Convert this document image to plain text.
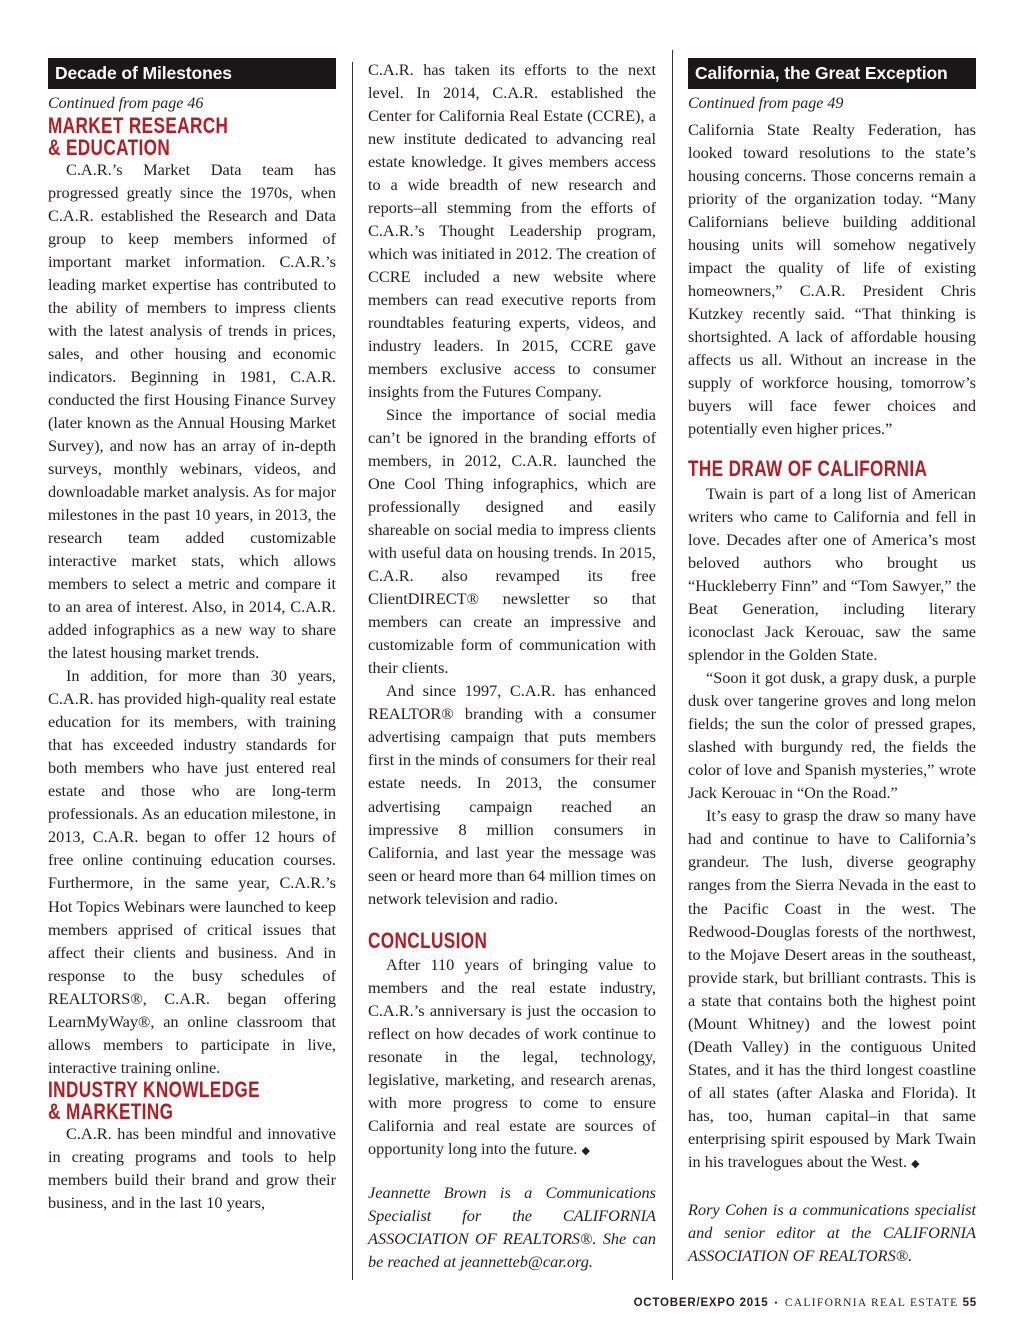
Decade of Milestones
Continued from page 46
MARKET RESEARCH
& EDUCATION

C.A.R.’s Market Data team has progressed greatly since the 1970s, when C.A.R. established the Research and Data group to keep members informed of important market information. C.A.R.’s leading market expertise has contributed to the ability of members to impress clients with the latest analysis of trends in prices, sales, and other housing and economic indicators. Beginning in 1981, C.A.R. conducted the first Housing Finance Survey (later known as the Annual Housing Market Survey), and now has an array of in-depth surveys, monthly webinars, videos, and downloadable market analysis. As for major milestones in the past 10 years, in 2013, the research team added customizable interactive market stats, which allows members to select a metric and compare it to an area of interest. Also, in 2014, C.A.R. added infographics as a new way to share the latest housing market trends.

In addition, for more than 30 years, C.A.R. has provided high-quality real estate education for its members, with training that has exceeded industry standards for both members who have just entered real estate and those who are long-term professionals. As an education milestone, in 2013, C.A.R. began to offer 12 hours of free online continuing education courses. Furthermore, in the same year, C.A.R.’s Hot Topics Webinars were launched to keep members apprised of critical issues that affect their clients and business. And in response to the busy schedules of REALTORS®, C.A.R. began offering LearnMyWay®, an online classroom that allows members to participate in live, interactive training online.

INDUSTRY KNOWLEDGE
& MARKETING

C.A.R. has been mindful and innovative in creating programs and tools to help members build their brand and grow their business, and in the last 10 years,

C.A.R. has taken its efforts to the next level. In 2014, C.A.R. established the Center for California Real Estate (CCRE), a new institute dedicated to advancing real estate knowledge. It gives members access to a wide breadth of new research and reports–all stemming from the efforts of C.A.R.’s Thought Leadership program, which was initiated in 2012. The creation of CCRE included a new website where members can read executive reports from roundtables featuring experts, videos, and industry leaders. In 2015, CCRE gave members exclusive access to consumer insights from the Futures Company.

Since the importance of social media can’t be ignored in the branding efforts of members, in 2012, C.A.R. launched the One Cool Thing infographics, which are professionally designed and easily shareable on social media to impress clients with useful data on housing trends. In 2015, C.A.R. also revamped its free ClientDIRECT® newsletter so that members can create an impressive and customizable form of communication with their clients.

And since 1997, C.A.R. has enhanced REALTOR® branding with a consumer advertising campaign that puts members first in the minds of consumers for their real estate needs. In 2013, the consumer advertising campaign reached an impressive 8 million consumers in California, and last year the message was seen or heard more than 64 million times on network television and radio.

CONCLUSION

After 110 years of bringing value to members and the real estate industry, C.A.R.’s anniversary is just the occasion to reflect on how decades of work continue to resonate in the legal, technology, legislative, marketing, and research arenas, with more progress to come to ensure California and real estate are sources of opportunity long into the future. ◆

Jeannette Brown is a Communications Specialist for the CALIFORNIA ASSOCIATION OF REALTORS®. She can be reached at jeannetteb@car.org.

California, the Great Exception
Continued from page 49

California State Realty Federation, has looked toward resolutions to the state’s housing concerns. Those concerns remain a priority of the organization today. “Many Californians believe building additional housing units will somehow negatively impact the quality of life of existing homeowners,” C.A.R. President Chris Kutzkey recently said. “That thinking is shortsighted. A lack of affordable housing affects us all. Without an increase in the supply of workforce housing, tomorrow’s buyers will face fewer choices and potentially even higher prices.”

THE DRAW OF CALIFORNIA

Twain is part of a long list of American writers who came to California and fell in love. Decades after one of America’s most beloved authors who brought us “Huckleberry Finn” and “Tom Sawyer,” the Beat Generation, including literary iconoclast Jack Kerouac, saw the same splendor in the Golden State.

“Soon it got dusk, a grapy dusk, a purple dusk over tangerine groves and long melon fields; the sun the color of pressed grapes, slashed with burgundy red, the fields the color of love and Spanish mysteries,” wrote Jack Kerouac in “On the Road.”

It’s easy to grasp the draw so many have had and continue to have to California’s grandeur. The lush, diverse geography ranges from the Sierra Nevada in the east to the Pacific Coast in the west. The Redwood-Douglas forests of the northwest, to the Mojave Desert areas in the southeast, provide stark, but brilliant contrasts. This is a state that contains both the highest point (Mount Whitney) and the lowest point (Death Valley) in the contiguous United States, and it has the third longest coastline of all states (after Alaska and Florida). It has, too, human capital–in that same enterprising spirit espoused by Mark Twain in his travelogues about the West. ◆

Rory Cohen is a communications specialist and senior editor at the CALIFORNIA ASSOCIATION OF REALTORS®.

OCTOBER/EXPO 2015 • CALIFORNIA REAL ESTATE 55
